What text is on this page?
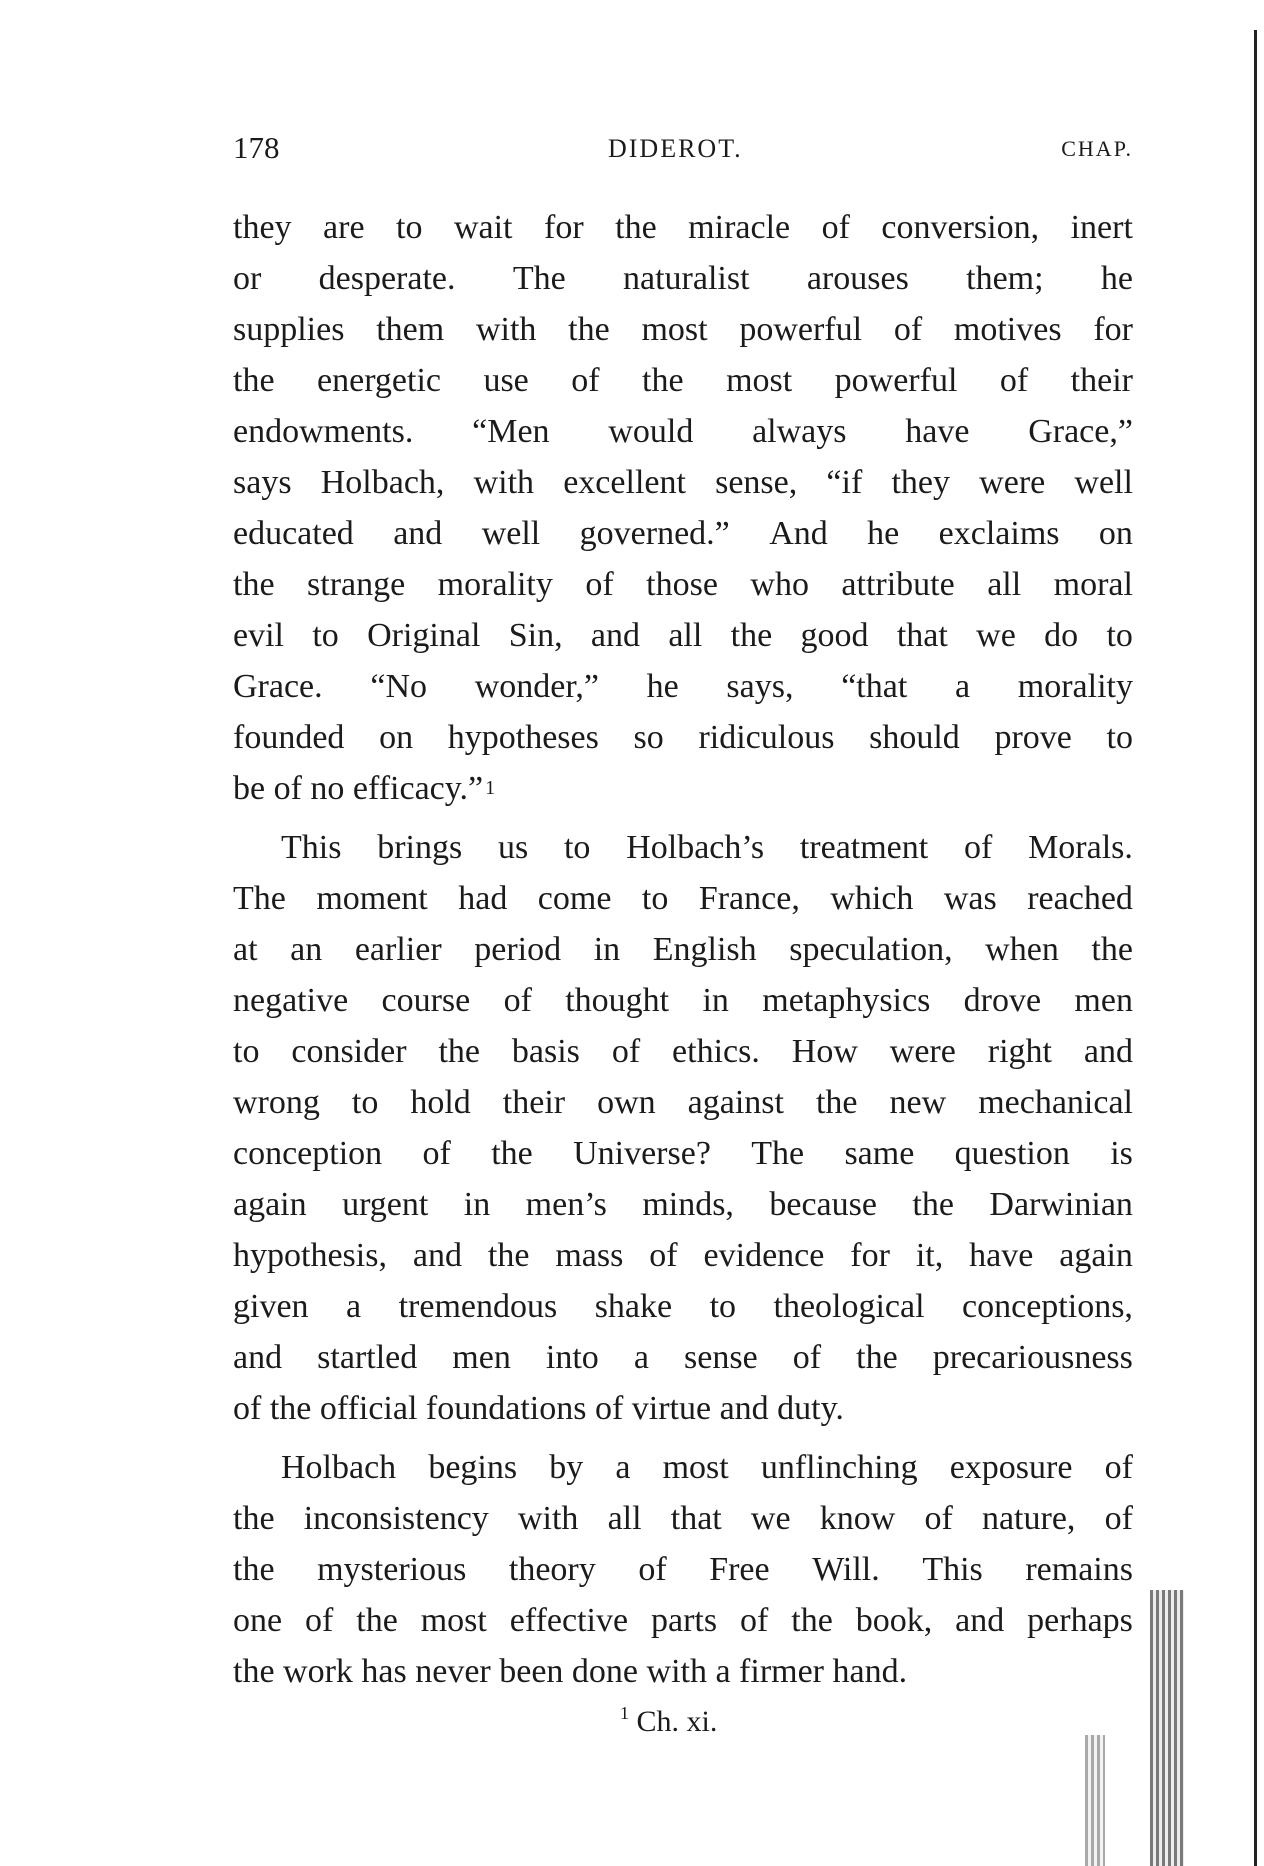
178	DIDEROT.	CHAP.
they are to wait for the miracle of conversion, inert
or desperate. The naturalist arouses them; he
supplies them with the most powerful of motives for
the energetic use of the most powerful of their
endowments. “Men would always have Grace,”
says Holbach, with excellent sense, “if they were well
educated and well governed.” And he exclaims on
the strange morality of those who attribute all moral
evil to Original Sin, and all the good that we do to
Grace. “No wonder,” he says, “that a morality
founded on hypotheses so ridiculous should prove to
be of no efficacy.” 1
This brings us to Holbach’s treatment of Morals.
The moment had come to France, which was reached
at an earlier period in English speculation, when the
negative course of thought in metaphysics drove men
to consider the basis of ethics. How were right and
wrong to hold their own against the new mechanical
conception of the Universe? The same question is
again urgent in men’s minds, because the Darwinian
hypothesis, and the mass of evidence for it, have again
given a tremendous shake to theological conceptions,
and startled men into a sense of the precariousness
of the official foundations of virtue and duty.
Holbach begins by a most unflinching exposure of
the inconsistency with all that we know of nature, of
the mysterious theory of Free Will. This remains
one of the most effective parts of the book, and perhaps
the work has never been done with a firmer hand.
$^1$ Ch. xi.
